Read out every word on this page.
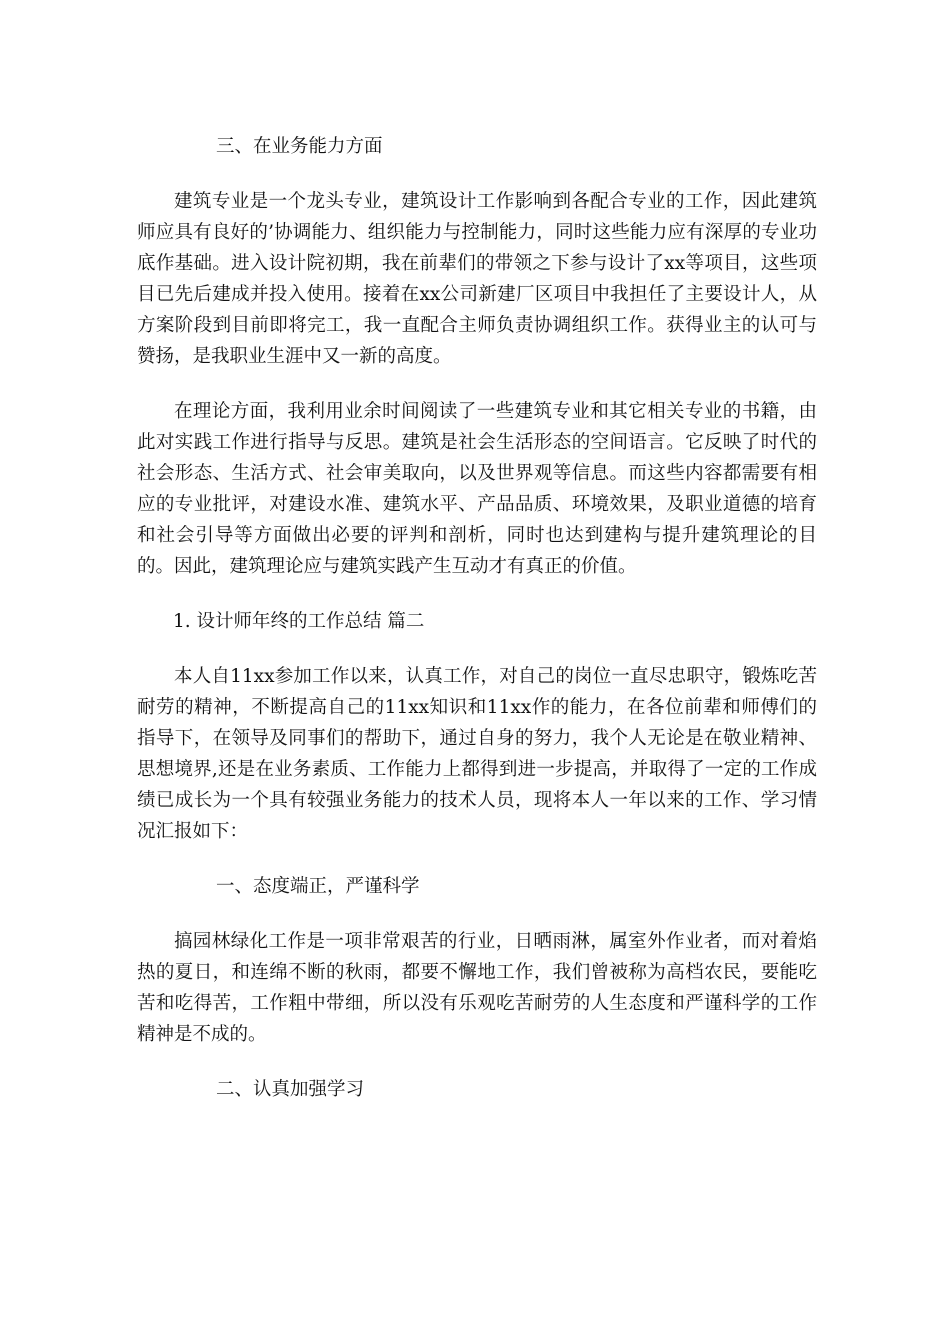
三、在业务能力方面

建筑专业是一个龙头专业，建筑设计工作影响到各配合专业的工作，因此建筑师应具有良好的’协调能力、组织能力与控制能力，同时这些能力应有深厚的专业功底作基础。进入设计院初期，我在前辈们的带领之下参与设计了xx等项目，这些项目已先后建成并投入使用。接着在xx公司新建厂区项目中我担任了主要设计人，从方案阶段到目前即将完工，我一直配合主师负责协调组织工作。获得业主的认可与赞扬，是我职业生涯中又一新的高度。

在理论方面，我利用业余时间阅读了一些建筑专业和其它相关专业的书籍，由此对实践工作进行指导与反思。建筑是社会生活形态的空间语言。它反映了时代的社会形态、生活方式、社会审美取向，以及世界观等信息。而这些内容都需要有相应的专业批评，对建设水准、建筑水平、产品品质、环境效果，及职业道德的培育和社会引导等方面做出必要的评判和剖析，同时也达到建构与提升建筑理论的目的。因此，建筑理论应与建筑实践产生互动才有真正的价值。

1. 设计师年终的工作总结 篇二

本人自11xx参加工作以来，认真工作，对自己的岗位一直尽忠职守，锻炼吃苦耐劳的精神，不断提高自己的11xx知识和11xx作的能力，在各位前辈和师傅们的指导下，在领导及同事们的帮助下，通过自身的努力，我个人无论是在敬业精神、思想境界,还是在业务素质、工作能力上都得到进一步提高，并取得了一定的工作成绩已成长为一个具有较强业务能力的技术人员，现将本人一年以来的工作、学习情况汇报如下：

一、态度端正，严谨科学

搞园林绿化工作是一项非常艰苦的行业，日晒雨淋，属室外作业者，而对着焰热的夏日，和连绵不断的秋雨，都要不懈地工作，我们曾被称为高档农民，要能吃苦和吃得苦，工作粗中带细，所以没有乐观吃苦耐劳的人生态度和严谨科学的工作精神是不成的。

二、认真加强学习
